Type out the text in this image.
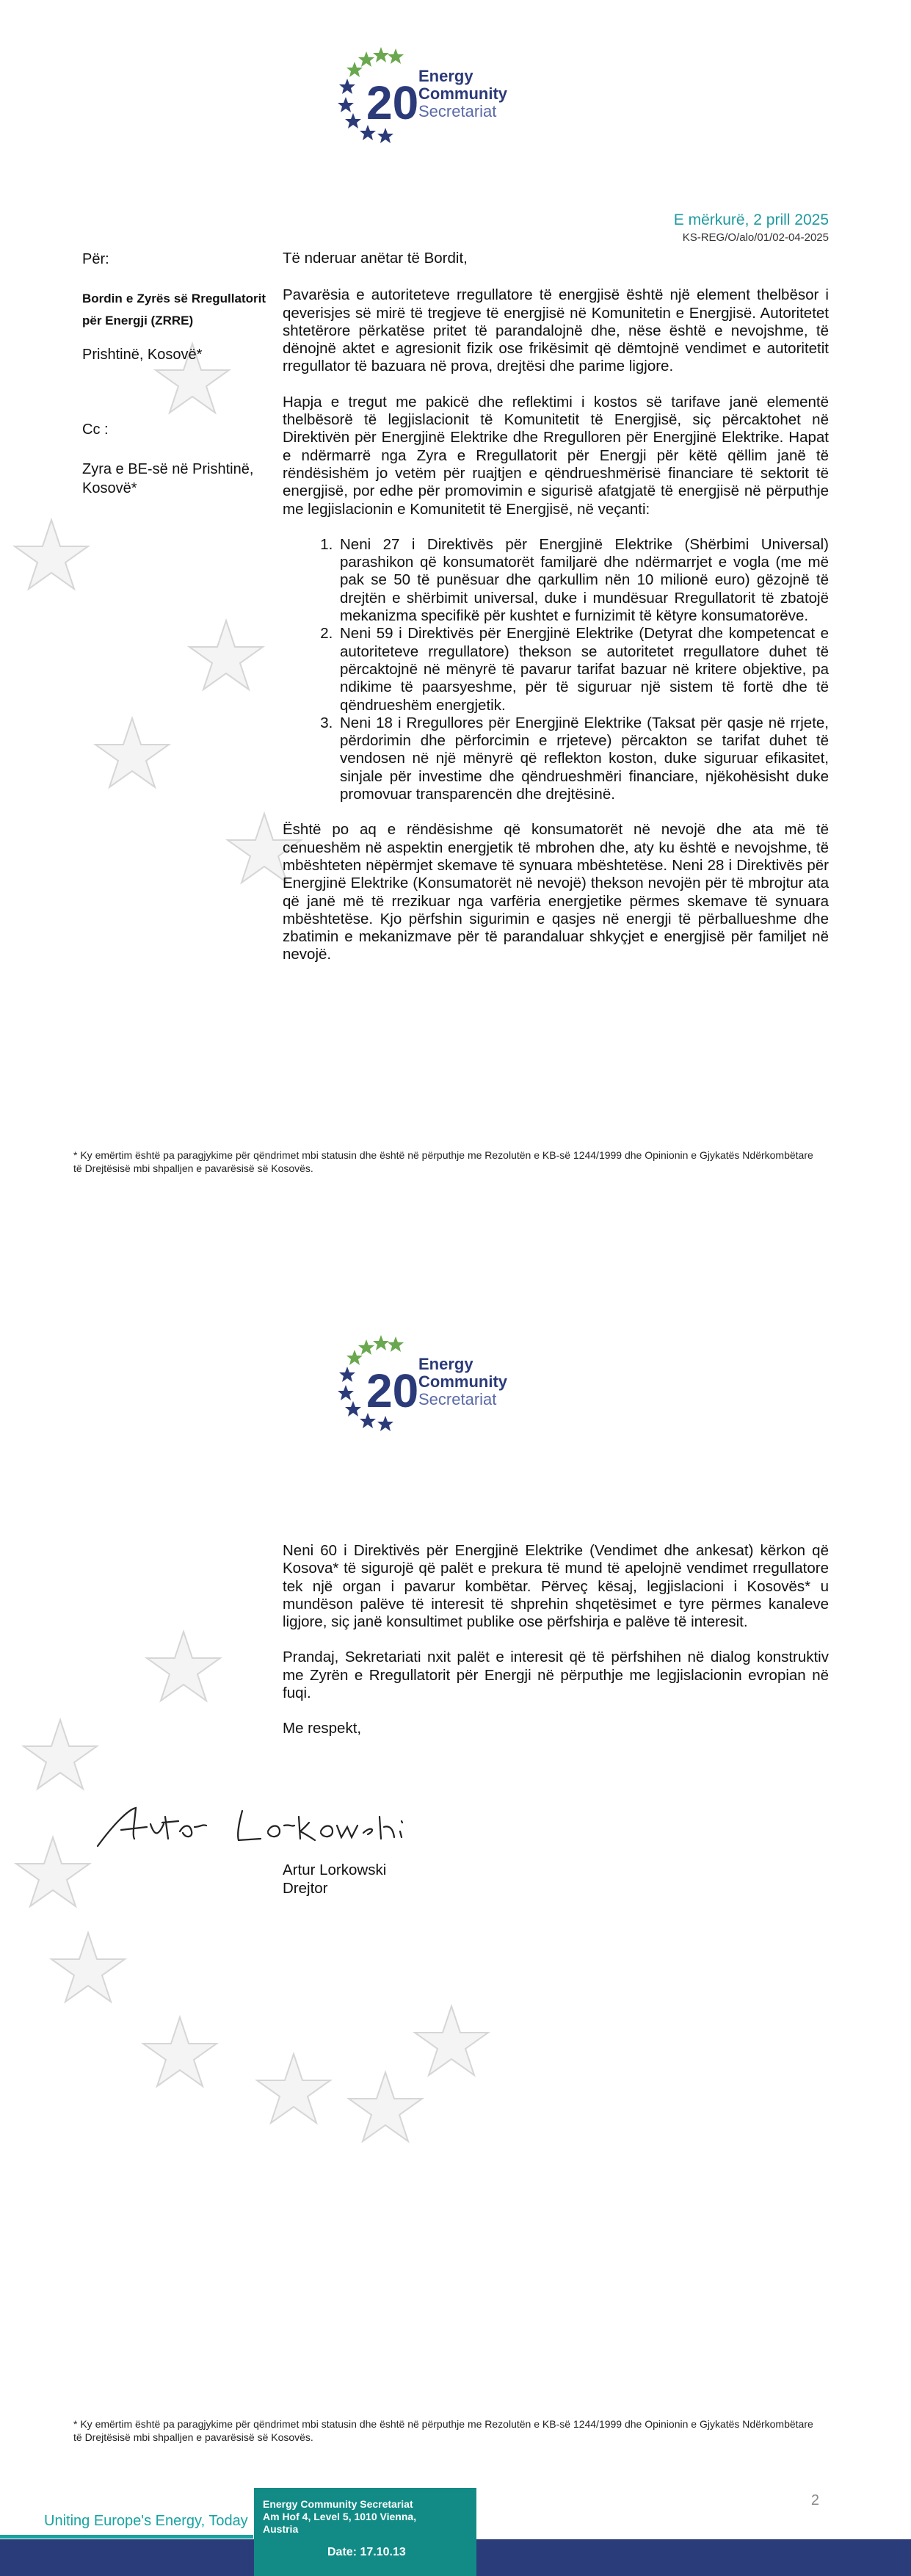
20
Energy
Community
Secretariat
E mërkurë, 2 prill 2025
KS-REG/O/alo/01/02-04-2025
Për:
Bordin e Zyrës së Rregullatorit për Energji (ZRRE)
Prishtinë, Kosovë*
Cc :
Zyra e BE-së në Prishtinë, Kosovë*

Të nderuar anëtar të Bordit,

Pavarësia e autoriteteve rregullatore të energjisë është një element thelbësor i qeverisjes së mirë të tregjeve të energjisë në Komunitetin e Energjisë. Autoritetet shtetërore përkatëse pritet të parandalojnë dhe, nëse është e nevojshme, të dënojnë aktet e agresionit fizik ose frikësimit që dëmtojnë vendimet e autoritetit rregullator të bazuara në prova, drejtësi dhe parime ligjore.

Hapja e tregut me pakicë dhe reflektimi i kostos së tarifave janë elementë thelbësorë të legjislacionit të Komunitetit të Energjisë, siç përcaktohet në Direktivën për Energjinë Elektrike dhe Rregulloren për Energjinë Elektrike. Hapat e ndërmarrë nga Zyra e Rregullatorit për Energji për këtë qëllim janë të rëndësishëm jo vetëm për ruajtjen e qëndrueshmërisë financiare të sektorit të energjisë, por edhe për promovimin e sigurisë afatgjatë të energjisë në përputhje me legjislacionin e Komunitetit të Energjisë, në veçanti:

1. Neni 27 i Direktivës për Energjinë Elektrike (Shërbimi Universal) parashikon që konsumatorët familjarë dhe ndërmarrjet e vogla (me më pak se 50 të punësuar dhe qarkullim nën 10 milionë euro) gëzojnë të drejtën e shërbimit universal, duke i mundësuar Rregullatorit të zbatojë mekanizma specifikë për kushtet e furnizimit të këtyre konsumatorëve.
2. Neni 59 i Direktivës për Energjinë Elektrike (Detyrat dhe kompetencat e autoriteteve rregullatore) thekson se autoritetet rregullatore duhet të përcaktojnë në mënyrë të pavarur tarifat bazuar në kritere objektive, pa ndikime të paarsyeshme, për të siguruar një sistem të fortë dhe të qëndrueshëm energjetik.
3. Neni 18 i Rregullores për Energjinë Elektrike (Taksat për qasje në rrjete, përdorimin dhe përforcimin e rrjeteve) përcakton se tarifat duhet të vendosen në një mënyrë që reflekton koston, duke siguruar efikasitet, sinjale për investime dhe qëndrueshmëri financiare, njëkohësisht duke promovuar transparencën dhe drejtësinë.

Është po aq e rëndësishme që konsumatorët në nevojë dhe ata më të cenueshëm në aspektin energjetik të mbrohen dhe, aty ku është e nevojshme, të mbështeten nëpërmjet skemave të synuara mbështetëse. Neni 28 i Direktivës për Energjinë Elektrike (Konsumatorët në nevojë) thekson nevojën për të mbrojtur ata që janë më të rrezikuar nga varfëria energjetike përmes skemave të synuara mbështetëse. Kjo përfshin sigurimin e qasjes në energji të përballueshme dhe zbatimin e mekanizmave për të parandaluar shkyçjet e energjisë për familjet në nevojë.

* Ky emërtim është pa paragjykime për qëndrimet mbi statusin dhe është në përputhje me Rezolutën e KB-së 1244/1999 dhe Opinionin e Gjykatës Ndërkombëtare të Drejtësisë mbi shpalljen e pavarësisë së Kosovës.
20
Energy
Community
Secretariat

Neni 60 i Direktivës për Energjinë Elektrike (Vendimet dhe ankesat) kërkon që Kosova* të sigurojë që palët e prekura të mund të apelojnë vendimet rregullatore tek një organ i pavarur kombëtar. Përveç kësaj, legjislacioni i Kosovës* u mundëson palëve të interesit të shprehin shqetësimet e tyre përmes kanaleve ligjore, siç janë konsultimet publike ose përfshirja e palëve të interesit.

Prandaj, Sekretariati nxit palët e interesit që të përfshihen në dialog konstruktiv me Zyrën e Rregullatorit për Energji në përputhje me legjislacionin evropian në fuqi.

Me respekt,

Artur Lorkowski
Drejtor
* Ky emërtim është pa paragjykime për qëndrimet mbi statusin dhe është në përputhje me Rezolutën e KB-së 1244/1999 dhe Opinionin e Gjykatës Ndërkombëtare të Drejtësisë mbi shpalljen e pavarësisë së Kosovës.
2
Uniting Europe's Energy, Today
Energy Community Secretariat
Am Hof 4, Level 5, 1010 Vienna,
Austria
Date: 17.10.13
